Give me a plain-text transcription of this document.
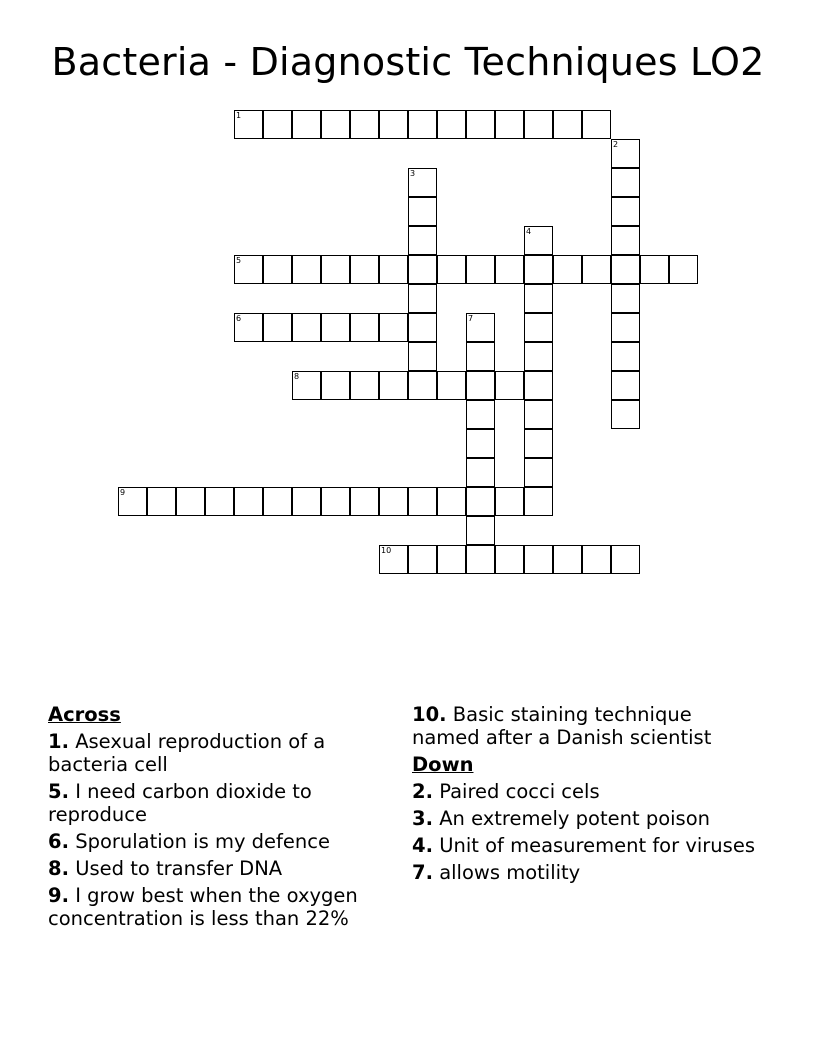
Bacteria - Diagnostic Techniques LO2
1
2
3
4
5
6	7
8
9
10
Across
1. Asexual reproduction of a bacteria cell
5. I need carbon dioxide to reproduce
6. Sporulation is my defence
8. Used to transfer DNA
9. I grow best when the oxygen concentration is less than 22%
10. Basic staining technique named after a Danish scientist
Down
2. Paired cocci cels
3. An extremely potent poison
4. Unit of measurement for viruses
7. allows motility
